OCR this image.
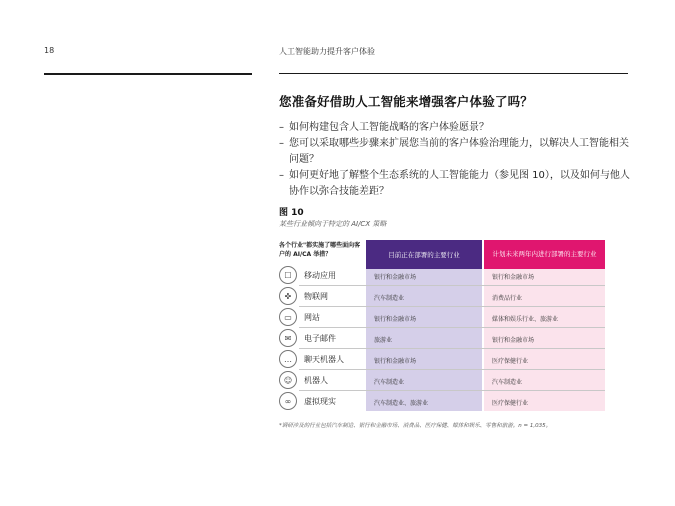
18	人工智能助力提升客户体验
您准备好借助人工智能来增强客户体验了吗？
– 如何构建包含人工智能战略的客户体验愿景？
– 您可以采取哪些步骤来扩展您当前的客户体验治理能力，以解决人工智能相关问题？
– 如何更好地了解整个生态系统的人工智能能力（参见图 10），以及如何与他人协作以弥合技能差距？
图 10
某些行业倾向于特定的 AI/CX 策略
各个行业"都实施了哪些面向客户的 AI/CA 举措？	目前正在部署的主要行业	计划未来两年内进行部署的主要行业
☐	移动应用	银行和金融市场	银行和金融市场
✜	物联网	汽车制造业	消费品行业
▭	网站	银行和金融市场	媒体和娱乐行业、旅游业
✉	电子邮件	旅游业	银行和金融市场
…	聊天机器人	银行和金融市场	医疗保健行业
☺	机器人	汽车制造业	汽车制造业
∞	虚拟现实	汽车制造业、旅游业	医疗保健行业
*调研涉及的行业包括汽车制造、银行和金融市场、消费品、医疗保健、媒体和娱乐、零售和旅游。n = 1,035。
